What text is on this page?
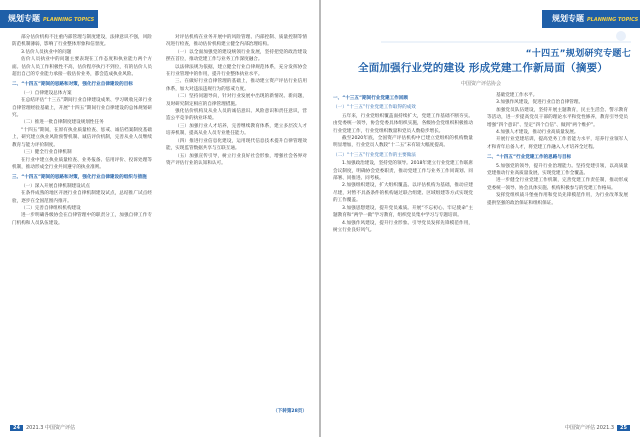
规划专题 PLANNING TOPICS

部分估价机构不注重内部管理与制度建设，法律意识不强，风险防范机制薄弱，影响了行业整体形象和信誉度。

3.估价人员执业中的问题

估价人员执业中的问题主要表现在工作态度和执业能力两个方面。估价人员工作积极性不高，估价程序执行不到位，有的估价人员超出自己的专业能力承接一般估价业务，都会造成执业风险。

二、“十四五”期间的思路和对策，强化行业自律建设的目标

（一）自律建设总体方案

在总结评估“十三五”期间行业自律建设成果、学习吸收兄弟行业自律管理经验基础上，开展“十四五”期间行业自律建设的总体规划研究。

（二）推进一批自律制度建设规划性任务

“十四五”期间，在原有执业质量检查、惩戒、诚信档案制度基础上，研究建立执业风险预警机制、诚信评价机制，完善从业人员继续教育与能力评价制度。

（三）健全行业自律机制

在行业中建立执业质量检查、业务报备、信用评价、投诉处理等机制，推动形成全行业共同遵守的执业准则。

三、“十四五”期间的思路和对策，强化行业自律建设的组织与措施

（一）深入开展自律机制建设试点

在条件成熟的地区开展行业自律机制建设试点，总结推广试点经验，逐步在全国范围内推开。

（二）完善自律组织机构建设

进一步明确各级协会在自律管理中的职责分工，加强自律工作专门机构和人员队伍建设。

对评估机构在业务开展中的风险管理、内部控制、质量控制等情况进行检查，推动估价机构建立健全内部治理结构。

（一）以全面加强党的建设统领行业发展，坚持把党的政治建设摆在首位，推动党建工作与业务工作深度融合。

以法律法规为依据，建立健全行业自律规范体系，充分发挥协会在行业管理中的作用，提升行业整体执业水平。

三、在做好行业自律管理的基础上，推动建立资产评估行业信用体系，加大对违法违规行为的惩戒力度。

（二）坚持问题导向，针对行业发展中出现的新情况、新问题，及时研究制定相应的自律管理措施。

强化估价机构及从业人员的诚信意识、风险意识和责任意识，营造公平竞争的执业环境。

（三）加强行业人才培养，完善继续教育体系，建立多层次人才培养机制，提高从业人员专业胜任能力。

（四）推进行业信息化建设，运用现代信息技术提升自律管理效能，实现监管数据共享与互联互通。

（五）加强宣传引导，树立行业良好社会形象，增强社会各界对资产评估行业的认知和认可。

（下转第28页）
24 2021.3 中国资产评估
规划专题 PLANNING TOPICS
“十四五”规划研究专题七
全面加强行业党的建设 形成党建工作新局面（摘要）
中国资产评估协会
一、“十三五”期间行业党建工作回顾
（一）“十三五”行业党建工作取得的成效

五年来，行业党组织覆盖面持续扩大，党建工作基础不断夯实。由党委统一领导，协会党委具体组织实施，各级协会党组织积极推动行业党建工作，行业党组织数量和党员人数稳步增长。

截至2020年底，全国资产评估机构中已建立党组织的机构数量明显增加，行业党员人数较“十二五”末有较大幅度提高。

（二）“十三五”行业党建工作的主要做法

1.加强政治建设，坚持党的领导。2018年建立行业党建工作联席会议制度，明确协会党委职责，推动党建工作与业务工作同谋划、同部署、同推进、同考核。

2.加强组织建设，扩大组织覆盖。以评估机构为基础，推动应建尽建，对暂不具备条件的机构通过联合组建、区域组建等方式实现党的工作覆盖。

3.加强思想建设，提升党员素质。开展“不忘初心、牢记使命”主题教育和“两学一做”学习教育，组织党员集中学习与专题培训。

4.加强作风建设，提升行业形象。引导党员发挥先锋模范作用，树立行业良好风气。

基础党建工作水平。

3.加强作风建设，促进行业自治自律管理。

加强党员队伍建设，坚持开展主题教育，民主生活会、警示教育等活动，进一步提高党员干部的理论水平和党性修养，教育引导党员增强“四个意识”、坚定“四个自信”、做到“两个维护”。

4.加强人才建设，推动行业高质量发展。

开展行业党建培训，提高党务工作者能力水平，培养行业领军人才和青年后备人才，将党建工作融入人才培养全过程。

二、“十四五”行业党建工作的思路与目标

5.加强党的领导，提升行业治理能力。坚持党建引领，以高质量党建推动行业高质量发展，实现党建工作全覆盖。

进一步健全行业党建工作机制，完善党建工作责任制，推动形成党委统一领导、协会具体实施、机构积极参与的党建工作格局。

发挥党组织战斗堡垒作用和党员先锋模范作用，为行业改革发展提供坚强的政治保证和组织保证。

中国资产评估 2021.3 25
